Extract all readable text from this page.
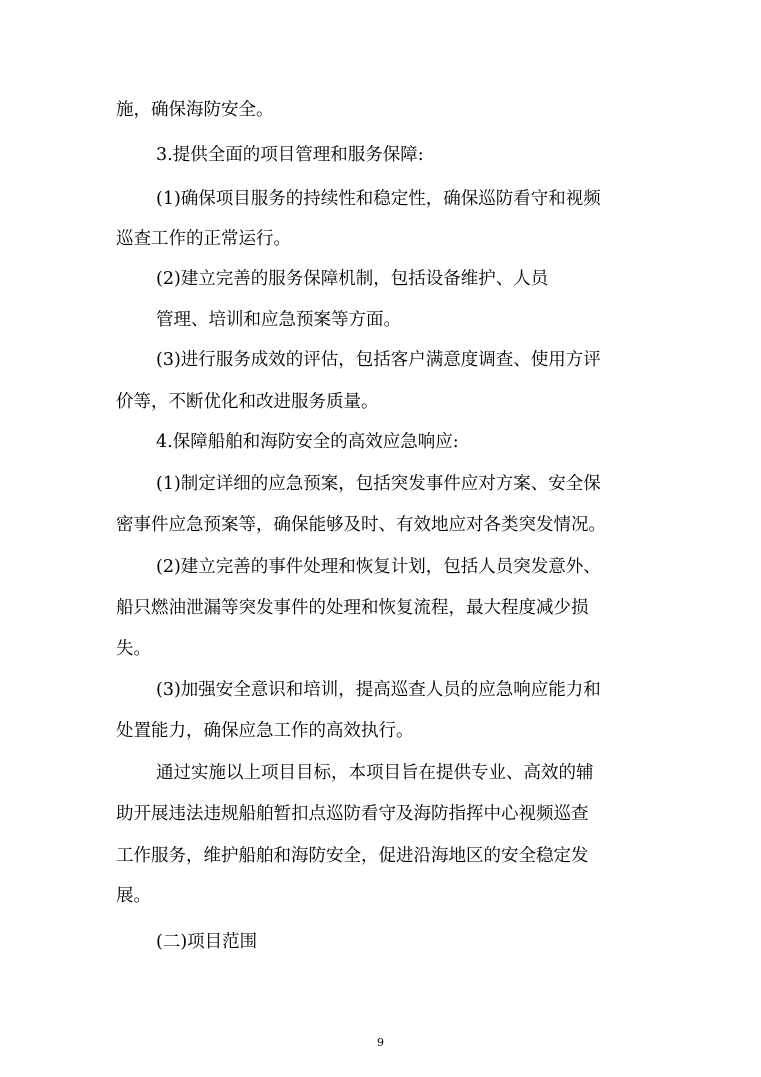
施，确保海防安全。
3.提供全面的项目管理和服务保障:
(1)确保项目服务的持续性和稳定性，确保巡防看守和视频
巡查工作的正常运行。
(2)建立完善的服务保障机制，包括设备维护、人员
管理、培训和应急预案等方面。
(3)进行服务成效的评估，包括客户满意度调查、使用方评
价等，不断优化和改进服务质量。
4.保障船舶和海防安全的高效应急响应:
(1)制定详细的应急预案，包括突发事件应对方案、安全保
密事件应急预案等，确保能够及时、有效地应对各类突发情况。
(2)建立完善的事件处理和恢复计划，包括人员突发意外、
船只燃油泄漏等突发事件的处理和恢复流程，最大程度减少损
失。
(3)加强安全意识和培训，提高巡查人员的应急响应能力和
处置能力，确保应急工作的高效执行。
通过实施以上项目目标，本项目旨在提供专业、高效的辅
助开展违法违规船舶暂扣点巡防看守及海防指挥中心视频巡查
工作服务，维护船舶和海防安全，促进沿海地区的安全稳定发
展。
(二)项目范围
9
